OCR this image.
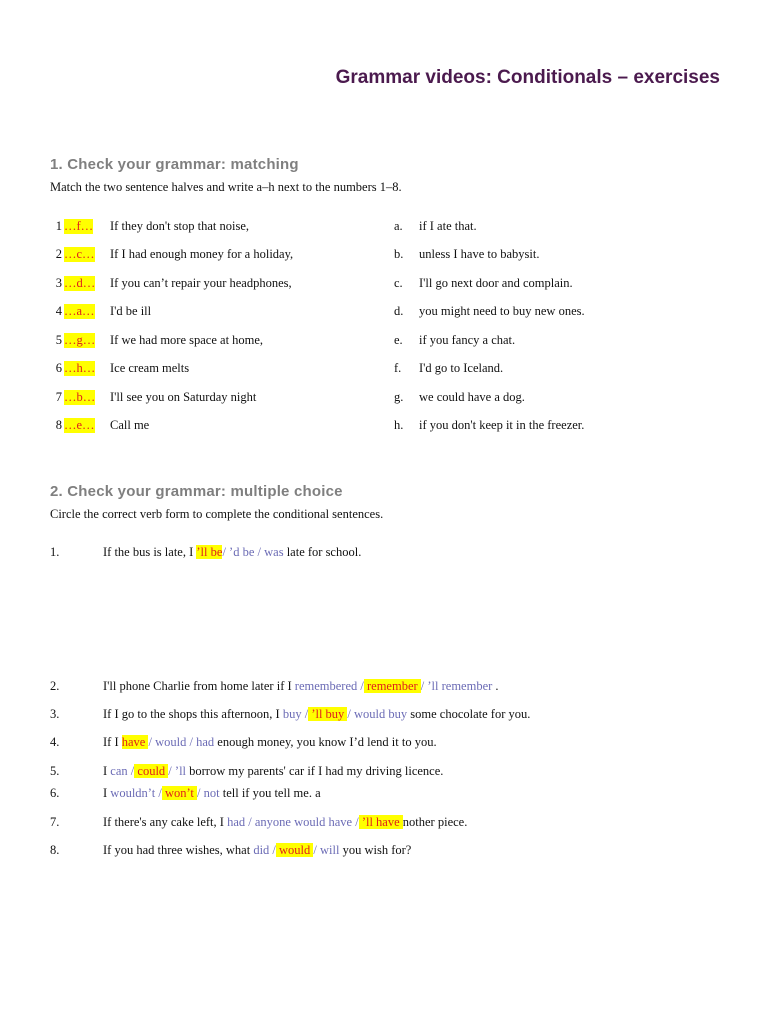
Grammar videos: Conditionals – exercises
1. Check your grammar: matching
Match the two sentence halves and write a–h next to the numbers 1–8.
1 …f… If they don't stop that noise,
2 …c… If I had enough money for a holiday,
3 …d… If you can’t repair your headphones,
4 …a… I'd be ill
5 …g… If we had more space at home,
6 …h… Ice cream melts
7 …b… I'll see you on Saturday night
8 …e… Call me
a. if I ate that.
b. unless I have to babysit.
c. I'll go next door and complain.
d. you might need to buy new ones.
e. if you fancy a chat.
f. I'd go to Iceland.
g. we could have a dog.
h. if you don't keep it in the freezer.
2. Check your grammar: multiple choice
Circle the correct verb form to complete the conditional sentences.
1.	If the bus is late, I ’ll be/ ’d be / was late for school.
2.	I'll phone Charlie from home later if I remembered / remember / ’ll remember .
3.	If I go to the shops this afternoon, I buy / ’ll buy / would buy some chocolate for you.
4.	If I have / would / had enough money, you know I’d lend it to you.
5.	I can / could / ’ll borrow my parents' car if I had my driving licence.
6.	I wouldn’t / won’t / not tell if you tell me. a
7.	If there's any cake left, I had / anyone would have / ’ll have nother piece.
8.	If you had three wishes, what did / would / will you wish for?
